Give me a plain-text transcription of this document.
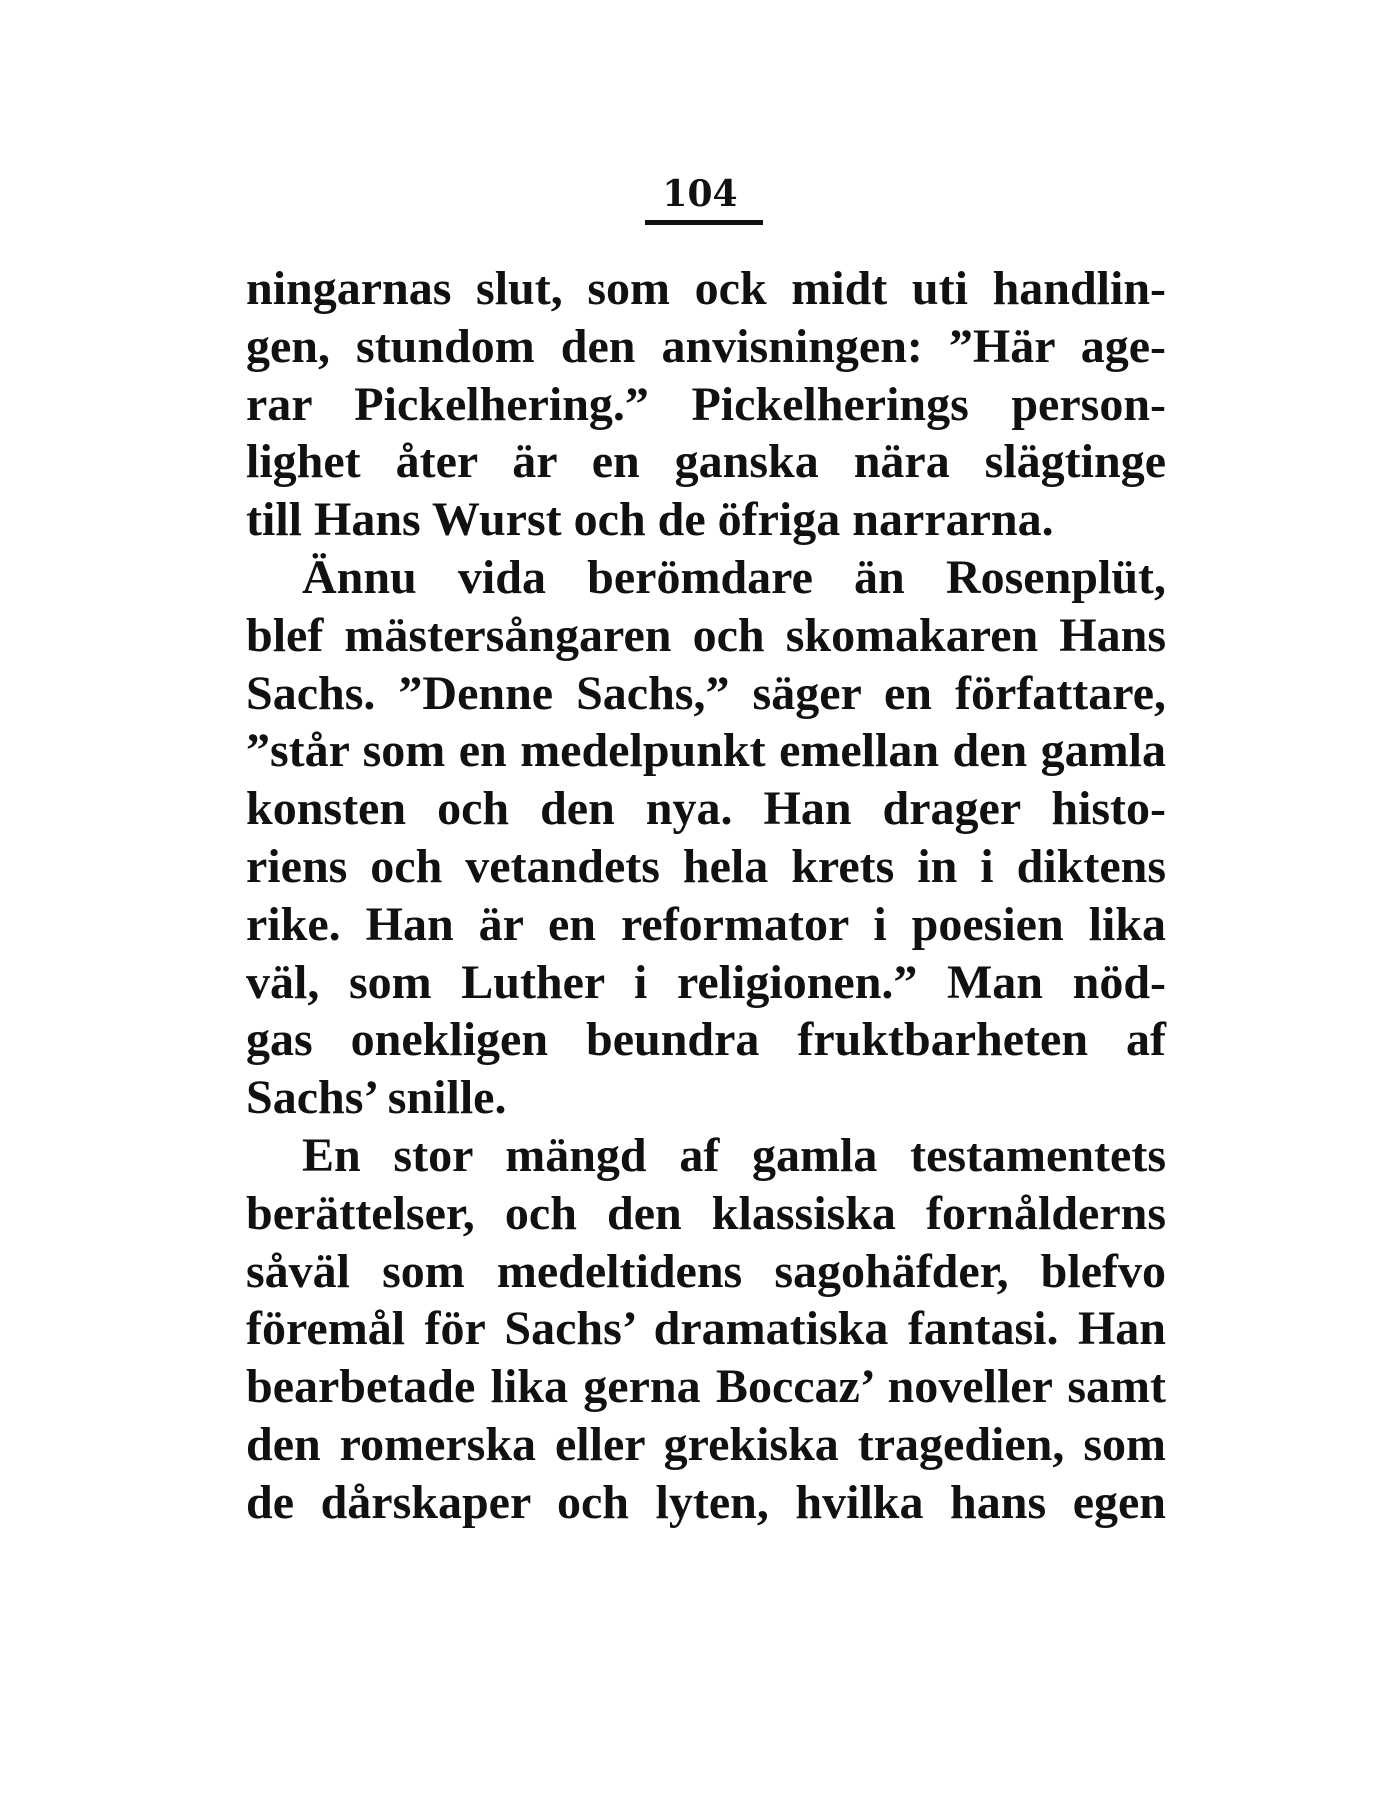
104
ningarnas slut, som ock midt uti handlin-
gen, stundom den anvisningen: ”Här age-
rar Pickelhering.” Pickelherings person-
lighet åter är en ganska nära slägtinge
till Hans Wurst och de öfriga narrarna.
Ännu vida berömdare än Rosenplüt,
blef mästersångaren och skomakaren Hans
Sachs. ”Denne Sachs,” säger en författare,
”står som en medelpunkt emellan den gamla
konsten och den nya. Han drager histo-
riens och vetandets hela krets in i diktens
rike. Han är en reformator i poesien lika
väl, som Luther i religionen.” Man nöd-
gas onekligen beundra fruktbarheten af
Sachs’ snille.
En stor mängd af gamla testamentets
berättelser, och den klassiska fornålderns
såväl som medeltidens sagohäfder, blefvo
föremål för Sachs’ dramatiska fantasi. Han
bearbetade lika gerna Boccaz’ noveller samt
den romerska eller grekiska tragedien, som
de dårskaper och lyten, hvilka hans egen
